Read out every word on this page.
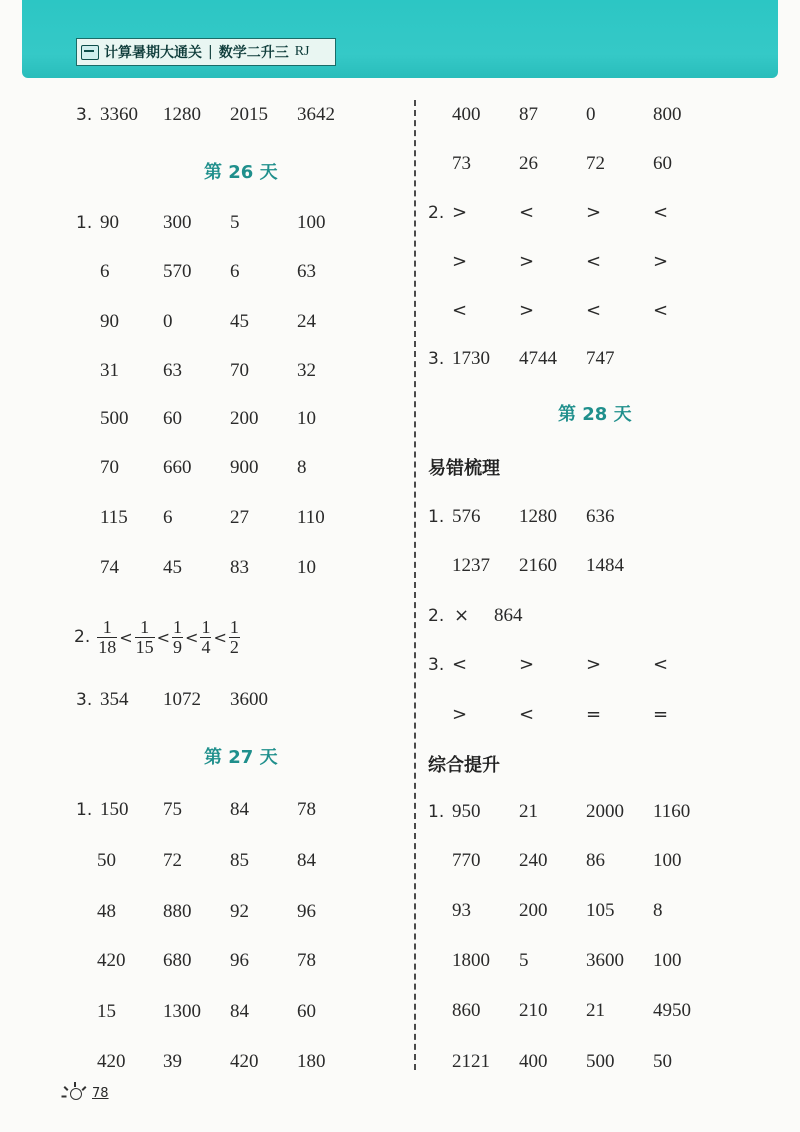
计算暑期大通关 | 数学二升三 RJ
3. 3360 1280 2015 3642
第 26 天
1. 90 300 5	100
6	570 6	63
90 0	45	24
31 63	70	32
500 60	200 10
70 660 900 8
115 6	27	110
74 45	83	10
2. $\frac{1}{18} < \frac{1}{15} < \frac{1}{9} < \frac{1}{4} < \frac{1}{2}$
3. 354 1072 3600
第 27 天
1. 150 75	84	78
50 72	85	84
48 880 92	96
420 680 96	78
15 1300 84	60
420 39	420 180
400 87	0	800
73	26	72	60
2. >	<	>	<
>	>	<	>
<	>	<	<
3. 1730 4744 747
第 28 天
易错梳理
1. 576 1280 636
1237 2160 1484
2. × 864
3. <	>	>	<
>	<	=	=
综合提升
1. 950 21	2000 1160
770 240 86	100
93	200 105 8
1800 5	3600 100
860 210 21	4950
2121 400 500 50
78
